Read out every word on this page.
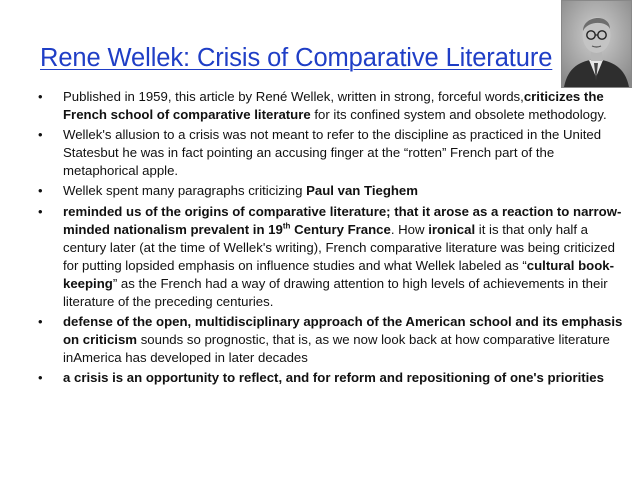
Rene Wellek: Crisis of Comparative Literature
• Published in 1959, this article by René Wellek, written in strong, forceful words,criticizes the French school of comparative literature for its confined system and obsolete methodology.
• Wellek's allusion to a crisis was not meant to refer to the discipline as practiced in the United Statesbut he was in fact pointing an accusing finger at the “rotten” French part of the metaphorical apple.
• Wellek spent many paragraphs criticizing Paul van Tieghem
• reminded us of the origins of comparative literature; that it arose as a reaction to narrow-minded nationalism prevalent in 19th Century France. How ironical it is that only half a century later (at the time of Wellek's writing), French comparative literature was being criticized for putting lopsided emphasis on influence studies and what Wellek labeled as “cultural book-keeping” as the French had a way of drawing attention to high levels of achievements in their literature of the preceding centuries.
• defense of the open, multidisciplinary approach of the American school and its emphasis on criticism sounds so prognostic, that is, as we now look back at how comparative literature inAmerica has developed in later decades
• a crisis is an opportunity to reflect, and for reform and repositioning of one's priorities
